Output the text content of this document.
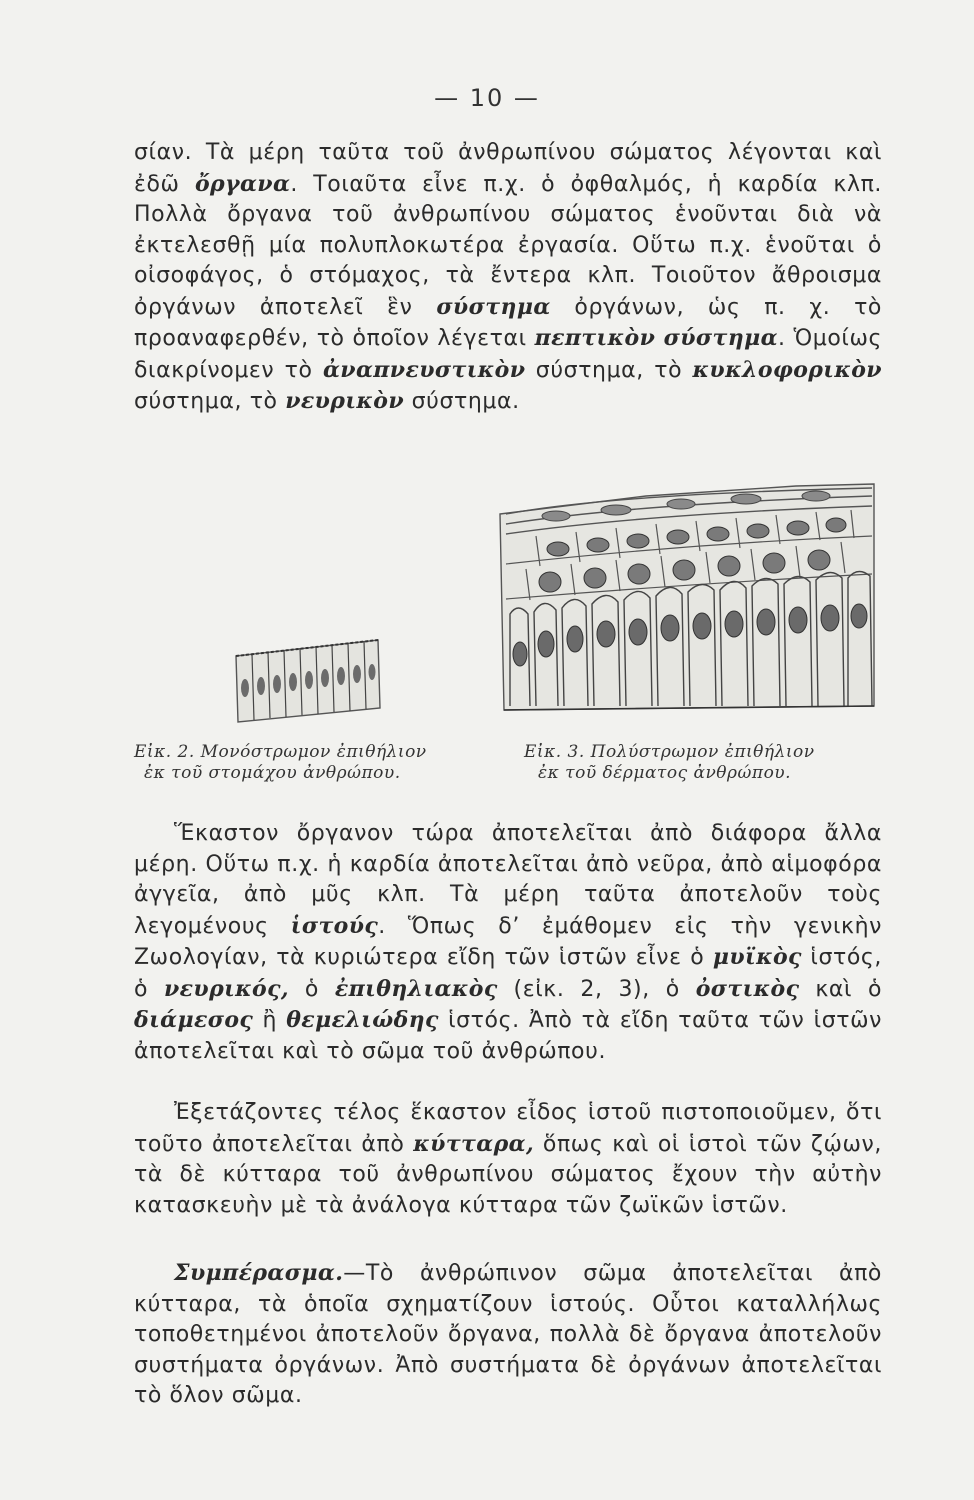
— 10 —

σίαν. Τὰ μέρη ταῦτα τοῦ ἀνθρωπίνου σώματος λέγονται καὶ ἐδῶ ὄργανα. Τοιαῦτα εἶνε π.χ. ὁ ὀφθαλμός, ἡ καρδία κλπ. Πολλὰ ὄργανα τοῦ ἀνθρωπίνου σώματος ἑνοῦνται διὰ νὰ ἐκτελεσθῇ μία πολυπλοκωτέρα ἐργασία. Οὕτω π.χ. ἑνοῦται ὁ οἰσοφάγος, ὁ στόμαχος, τὰ ἔντερα κλπ. Τοιοῦτον ἄθροισμα ὀργάνων ἀποτελεῖ ἓν σύστημα ὀργάνων, ὡς π. χ. τὸ προαναφερθέν, τὸ ὁποῖον λέγεται πεπτικὸν σύστημα. Ὁμοίως διακρίνομεν τὸ ἀναπνευστικὸν σύστημα, τὸ κυκλοφορικὸν σύστημα, τὸ νευρικὸν σύστημα.

Εἰκ. 2. Μονόστρωμον ἐπιθήλιον
ἐκ τοῦ στομάχου ἀνθρώπου.

Εἰκ. 3. Πολύστρωμον ἐπιθήλιον
ἐκ τοῦ δέρματος ἀνθρώπου.

Ἕκαστον ὄργανον τώρα ἀποτελεῖται ἀπὸ διάφορα ἄλλα μέρη. Οὕτω π.χ. ἡ καρδία ἀποτελεῖται ἀπὸ νεῦρα, ἀπὸ αἱμοφόρα ἀγγεῖα, ἀπὸ μῦς κλπ. Τὰ μέρη ταῦτα ἀποτελοῦν τοὺς λεγομένους ἱστούς. Ὅπως δ’ ἐμάθομεν εἰς τὴν γενικὴν Ζωολογίαν, τὰ κυριώτερα εἴδη τῶν ἱστῶν εἶνε ὁ μυϊκὸς ἱστός, ὁ νευρικός, ὁ ἐπιθηλιακὸς (εἰκ. 2, 3), ὁ ὀστικὸς καὶ ὁ διάμεσος ἢ θεμελιώδης ἱστός. Ἀπὸ τὰ εἴδη ταῦτα τῶν ἱστῶν ἀποτελεῖται καὶ τὸ σῶμα τοῦ ἀνθρώπου.

Ἐξετάζοντες τέλος ἕκαστον εἶδος ἱστοῦ πιστοποιοῦμεν, ὅτι τοῦτο ἀποτελεῖται ἀπὸ κύτταρα, ὅπως καὶ οἱ ἱστοὶ τῶν ζῴων, τὰ δὲ κύτταρα τοῦ ἀνθρωπίνου σώματος ἔχουν τὴν αὐτὴν κατασκευὴν μὲ τὰ ἀνάλογα κύτταρα τῶν ζωϊκῶν ἱστῶν.

Συμπέρασμα.—Τὸ ἀνθρώπινον σῶμα ἀποτελεῖται ἀπὸ κύτταρα, τὰ ὁποῖα σχηματίζουν ἱστούς. Οὗτοι καταλλήλως τοποθετημένοι ἀποτελοῦν ὄργανα, πολλὰ δὲ ὄργανα ἀποτελοῦν συστήματα ὀργάνων. Ἀπὸ συστήματα δὲ ὀργάνων ἀποτελεῖται τὸ ὅλον σῶμα.
